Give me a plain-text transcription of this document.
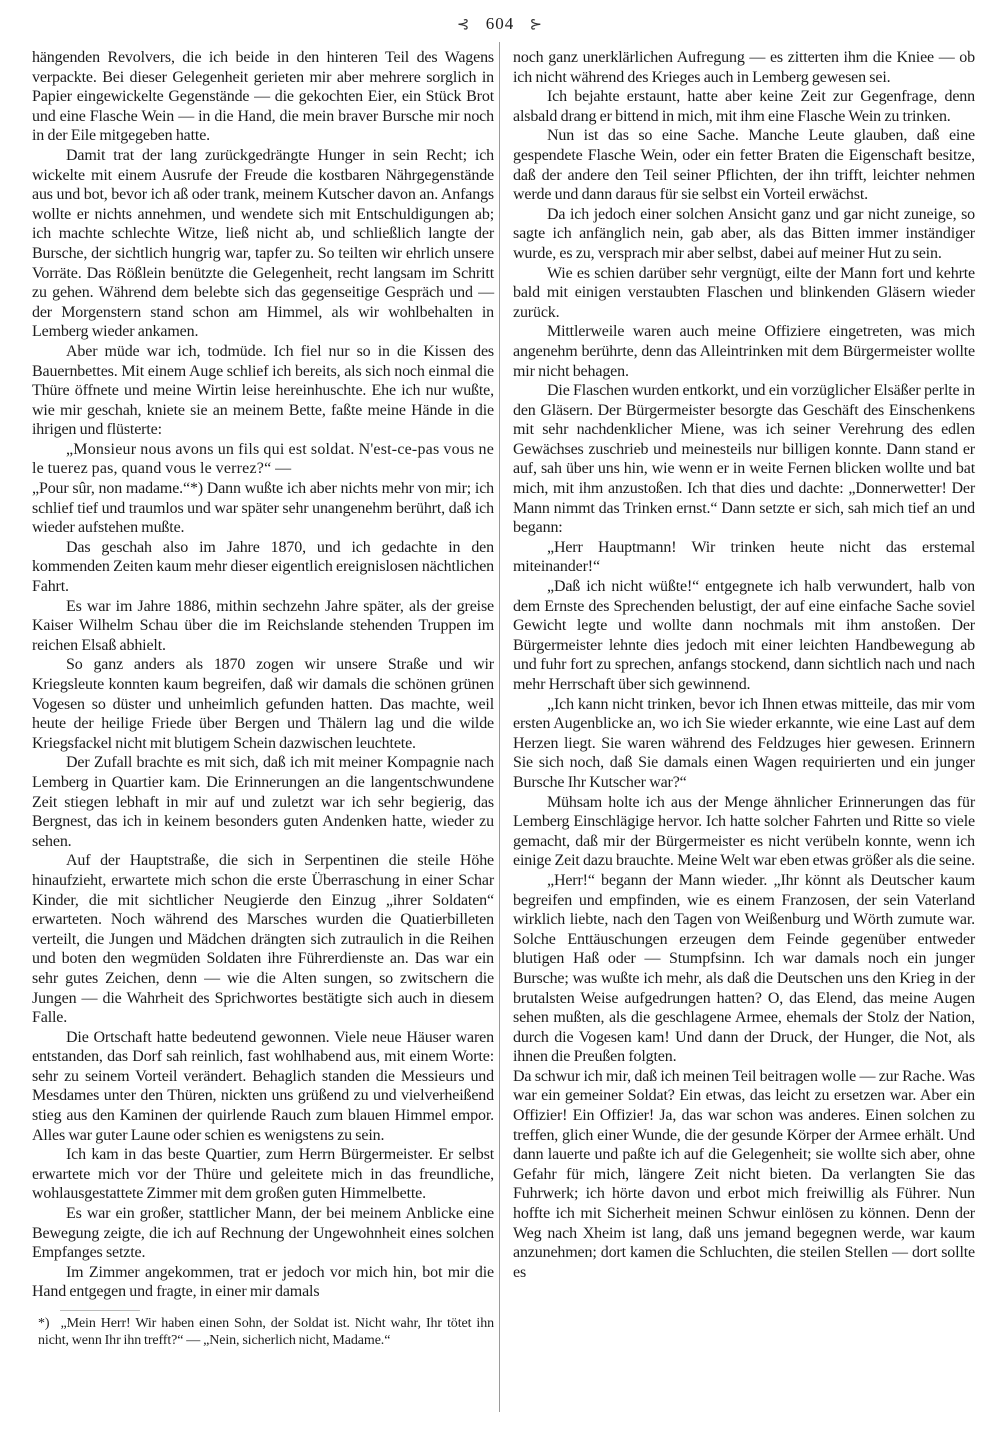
⊰ 604 ⊱

hängenden Revolvers, die ich beide in den hinteren Teil des Wagens verpackte. Bei dieser Gelegenheit gerieten mir aber mehrere sorglich in Papier eingewickelte Gegenstände — die gekochten Eier, ein Stück Brot und eine Flasche Wein — in die Hand, die mein braver Bursche mir noch in der Eile mitgegeben hatte.

Damit trat der lang zurückgedrängte Hunger in sein Recht; ich wickelte mit einem Ausrufe der Freude die kostbaren Nährgegenstände aus und bot, bevor ich aß oder trank, meinem Kutscher davon an. Anfangs wollte er nichts annehmen, und wendete sich mit Entschuldigungen ab; ich machte schlechte Witze, ließ nicht ab, und schließlich langte der Bursche, der sichtlich hungrig war, tapfer zu. So teilten wir ehrlich unsere Vorräte. Das Rößlein benützte die Gelegenheit, recht langsam im Schritt zu gehen. Während dem belebte sich das gegenseitige Gespräch und — der Morgenstern stand schon am Himmel, als wir wohlbehalten in Lemberg wieder ankamen.

Aber müde war ich, todmüde. Ich fiel nur so in die Kissen des Bauernbettes. Mit einem Auge schlief ich bereits, als sich noch einmal die Thüre öffnete und meine Wirtin leise hereinhuschte. Ehe ich nur wußte, wie mir geschah, kniete sie an meinem Bette, faßte meine Hände in die ihrigen und flüsterte:

„Monsieur nous avons un fils qui est soldat. N'est-ce-pas vous ne le tuerez pas, quand vous le verrez?“ —

„Pour sûr, non madame.“*) Dann wußte ich aber nichts mehr von mir; ich schlief tief und traumlos und war später sehr unangenehm berührt, daß ich wieder aufstehen mußte.

Das geschah also im Jahre 1870, und ich gedachte in den kommenden Zeiten kaum mehr dieser eigentlich ereignislosen nächtlichen Fahrt.

Es war im Jahre 1886, mithin sechzehn Jahre später, als der greise Kaiser Wilhelm Schau über die im Reichslande stehenden Truppen im reichen Elsaß abhielt.

So ganz anders als 1870 zogen wir unsere Straße und wir Kriegsleute konnten kaum begreifen, daß wir damals die schönen grünen Vogesen so düster und unheimlich gefunden hatten. Das machte, weil heute der heilige Friede über Bergen und Thälern lag und die wilde Kriegsfackel nicht mit blutigem Schein dazwischen leuchtete.

Der Zufall brachte es mit sich, daß ich mit meiner Kompagnie nach Lemberg in Quartier kam. Die Erinnerungen an die langentschwundene Zeit stiegen lebhaft in mir auf und zuletzt war ich sehr begierig, das Bergnest, das ich in keinem besonders guten Andenken hatte, wieder zu sehen.

Auf der Hauptstraße, die sich in Serpentinen die steile Höhe hinaufzieht, erwartete mich schon die erste Überraschung in einer Schar Kinder, die mit sichtlicher Neugierde den Einzug „ihrer Soldaten“ erwarteten. Noch während des Marsches wurden die Quatierbilleten verteilt, die Jungen und Mädchen drängten sich zutraulich in die Reihen und boten den wegmüden Soldaten ihre Führerdienste an. Das war ein sehr gutes Zeichen, denn — wie die Alten sungen, so zwitschern die Jungen — die Wahrheit des Sprichwortes bestätigte sich auch in diesem Falle.

Die Ortschaft hatte bedeutend gewonnen. Viele neue Häuser waren entstanden, das Dorf sah reinlich, fast wohlhabend aus, mit einem Worte: sehr zu seinem Vorteil verändert. Behaglich standen die Messieurs und Mesdames unter den Thüren, nickten uns grüßend zu und vielverheißend stieg aus den Kaminen der quirlende Rauch zum blauen Himmel empor. Alles war guter Laune oder schien es wenigstens zu sein.

Ich kam in das beste Quartier, zum Herrn Bürgermeister. Er selbst erwartete mich vor der Thüre und geleitete mich in das freundliche, wohlausgestattete Zimmer mit dem großen guten Himmelbette.

Es war ein großer, stattlicher Mann, der bei meinem Anblicke eine Bewegung zeigte, die ich auf Rechnung der Ungewohnheit eines solchen Empfanges setzte.

Im Zimmer angekommen, trat er jedoch vor mich hin, bot mir die Hand entgegen und fragte, in einer mir damals

*) „Mein Herr! Wir haben einen Sohn, der Soldat ist. Nicht wahr, Ihr tötet ihn nicht, wenn Ihr ihn trefft?“ — „Nein, sicherlich nicht, Madame.“

noch ganz unerklärlichen Aufregung — es zitterten ihm die Kniee — ob ich nicht während des Krieges auch in Lemberg gewesen sei.

Ich bejahte erstaunt, hatte aber keine Zeit zur Gegenfrage, denn alsbald drang er bittend in mich, mit ihm eine Flasche Wein zu trinken.

Nun ist das so eine Sache. Manche Leute glauben, daß eine gespendete Flasche Wein, oder ein fetter Braten die Eigenschaft besitze, daß der andere den Teil seiner Pflichten, der ihn trifft, leichter nehmen werde und dann daraus für sie selbst ein Vorteil erwächst.

Da ich jedoch einer solchen Ansicht ganz und gar nicht zuneige, so sagte ich anfänglich nein, gab aber, als das Bitten immer inständiger wurde, es zu, versprach mir aber selbst, dabei auf meiner Hut zu sein.

Wie es schien darüber sehr vergnügt, eilte der Mann fort und kehrte bald mit einigen verstaubten Flaschen und blinkenden Gläsern wieder zurück.

Mittlerweile waren auch meine Offiziere eingetreten, was mich angenehm berührte, denn das Alleintrinken mit dem Bürgermeister wollte mir nicht behagen.

Die Flaschen wurden entkorkt, und ein vorzüglicher Elsäßer perlte in den Gläsern. Der Bürgermeister besorgte das Geschäft des Einschenkens mit sehr nachdenklicher Miene, was ich seiner Verehrung des edlen Gewächses zuschrieb und meinesteils nur billigen konnte. Dann stand er auf, sah über uns hin, wie wenn er in weite Fernen blicken wollte und bat mich, mit ihm anzustoßen. Ich that dies und dachte: „Donnerwetter! Der Mann nimmt das Trinken ernst.“ Dann setzte er sich, sah mich tief an und begann:

„Herr Hauptmann! Wir trinken heute nicht das erstemal miteinander!“

„Daß ich nicht wüßte!“ entgegnete ich halb verwundert, halb von dem Ernste des Sprechenden belustigt, der auf eine einfache Sache soviel Gewicht legte und wollte dann nochmals mit ihm anstoßen. Der Bürgermeister lehnte dies jedoch mit einer leichten Handbewegung ab und fuhr fort zu sprechen, anfangs stockend, dann sichtlich nach und nach mehr Herrschaft über sich gewinnend.

„Ich kann nicht trinken, bevor ich Ihnen etwas mitteile, das mir vom ersten Augenblicke an, wo ich Sie wieder erkannte, wie eine Last auf dem Herzen liegt. Sie waren während des Feldzuges hier gewesen. Erinnern Sie sich noch, daß Sie damals einen Wagen requirierten und ein junger Bursche Ihr Kutscher war?“

Mühsam holte ich aus der Menge ähnlicher Erinnerungen das für Lemberg Einschlägige hervor. Ich hatte solcher Fahrten und Ritte so viele gemacht, daß mir der Bürgermeister es nicht verübeln konnte, wenn ich einige Zeit dazu brauchte. Meine Welt war eben etwas größer als die seine.

„Herr!“ begann der Mann wieder. „Ihr könnt als Deutscher kaum begreifen und empfinden, wie es einem Franzosen, der sein Vaterland wirklich liebte, nach den Tagen von Weißenburg und Wörth zumute war. Solche Enttäuschungen erzeugen dem Feinde gegenüber entweder blutigen Haß oder — Stumpfsinn. Ich war damals noch ein junger Bursche; was wußte ich mehr, als daß die Deutschen uns den Krieg in der brutalsten Weise aufgedrungen hatten? O, das Elend, das meine Augen sehen mußten, als die geschlagene Armee, ehemals der Stolz der Nation, durch die Vogesen kam! Und dann der Druck, der Hunger, die Not, als ihnen die Preußen folgten.

Da schwur ich mir, daß ich meinen Teil beitragen wolle — zur Rache. Was war ein gemeiner Soldat? Ein etwas, das leicht zu ersetzen war. Aber ein Offizier! Ein Offizier! Ja, das war schon was anderes. Einen solchen zu treffen, glich einer Wunde, die der gesunde Körper der Armee erhält. Und dann lauerte und paßte ich auf die Gelegenheit; sie wollte sich aber, ohne Gefahr für mich, längere Zeit nicht bieten. Da verlangten Sie das Fuhrwerk; ich hörte davon und erbot mich freiwillig als Führer. Nun hoffte ich mit Sicherheit meinen Schwur einlösen zu können. Denn der Weg nach Xheim ist lang, daß uns jemand begegnen werde, war kaum anzunehmen; dort kamen die Schluchten, die steilen Stellen — dort sollte es
